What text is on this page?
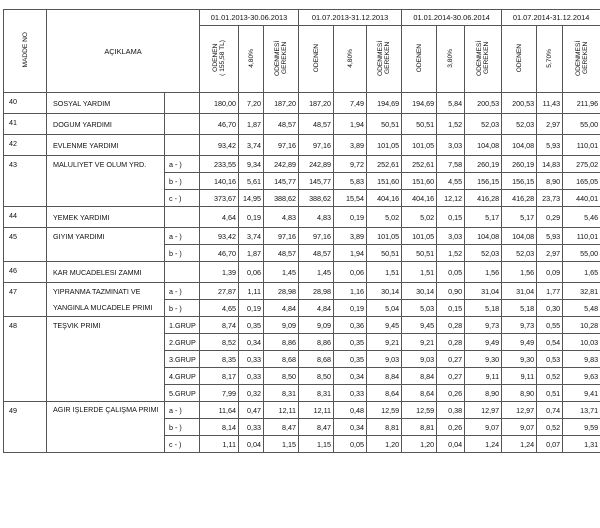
MADDE NO	AÇIKLAMA		01.01.2013-30.06.2013			01.07.2013-31.12.2013			01.01.2014-30.06.2014			01.07.2014-31.12.2014		
			ODENEN
( 155,58 TL)	4,80%	ODENMESİ GEREKEN	ODENEN	4,80%	ODENMESİ GEREKEN	ODENEN	3,80%	ODENMESİ GEREKEN	ODENEN	5,70%	ODENMESİ GEREKEN
40	SOSYAL YARDIM		180,00	7,20	187,20	187,20	7,49	194,69	194,69	5,84	200,53	200,53	11,43	211,96
41	DOGUM YARDIMI		46,70	1,87	48,57	48,57	1,94	50,51	50,51	1,52	52,03	52,03	2,97	55,00
42	EVLENME YARDIMI		93,42	3,74	97,16	97,16	3,89	101,05	101,05	3,03	104,08	104,08	5,93	110,01
43	MALULIYET VE OLUM YRD.	a - )	233,55	9,34	242,89	242,89	9,72	252,61	252,61	7,58	260,19	260,19	14,83	275,02
		b - )	140,16	5,61	145,77	145,77	5,83	151,60	151,60	4,55	156,15	156,15	8,90	165,05
		c - )	373,67	14,95	388,62	388,62	15,54	404,16	404,16	12,12	416,28	416,28	23,73	440,01
44	YEMEK YARDIMI		4,64	0,19	4,83	4,83	0,19	5,02	5,02	0,15	5,17	5,17	0,29	5,46
45	GIYIM YARDIMI	a - )	93,42	3,74	97,16	97,16	3,89	101,05	101,05	3,03	104,08	104,08	5,93	110,01
		b - )	46,70	1,87	48,57	48,57	1,94	50,51	50,51	1,52	52,03	52,03	2,97	55,00
46	KAR MUCADELESI ZAMMI		1,39	0,06	1,45	1,45	0,06	1,51	1,51	0,05	1,56	1,56	0,09	1,65
47	YIPRANMA TAZMINATI VE	a - )	27,87	1,11	28,98	28,98	1,16	30,14	30,14	0,90	31,04	31,04	1,77	32,81
	YANGINLA MUCADELE PRIMI	b - )	4,65	0,19	4,84	4,84	0,19	5,04	5,03	0,15	5,18	5,18	0,30	5,48
48	TEŞVIK PRIMI	1.GRUP	8,74	0,35	9,09	9,09	0,36	9,45	9,45	0,28	9,73	9,73	0,55	10,28
		2.GRUP	8,52	0,34	8,86	8,86	0,35	9,21	9,21	0,28	9,49	9,49	0,54	10,03
		3.GRUP	8,35	0,33	8,68	8,68	0,35	9,03	9,03	0,27	9,30	9,30	0,53	9,83
		4.GRUP	8,17	0,33	8,50	8,50	0,34	8,84	8,84	0,27	9,11	9,11	0,52	9,63
		5.GRUP	7,99	0,32	8,31	8,31	0,33	8,64	8,64	0,26	8,90	8,90	0,51	9,41
49	AGIR IŞLERDE ÇALIŞMA PRIMI	a - )	11,64	0,47	12,11	12,11	0,48	12,59	12,59	0,38	12,97	12,97	0,74	13,71
		b - )	8,14	0,33	8,47	8,47	0,34	8,81	8,81	0,26	9,07	9,07	0,52	9,59
		c - )	1,11	0,04	1,15	1,15	0,05	1,20	1,20	0,04	1,24	1,24	0,07	1,31
